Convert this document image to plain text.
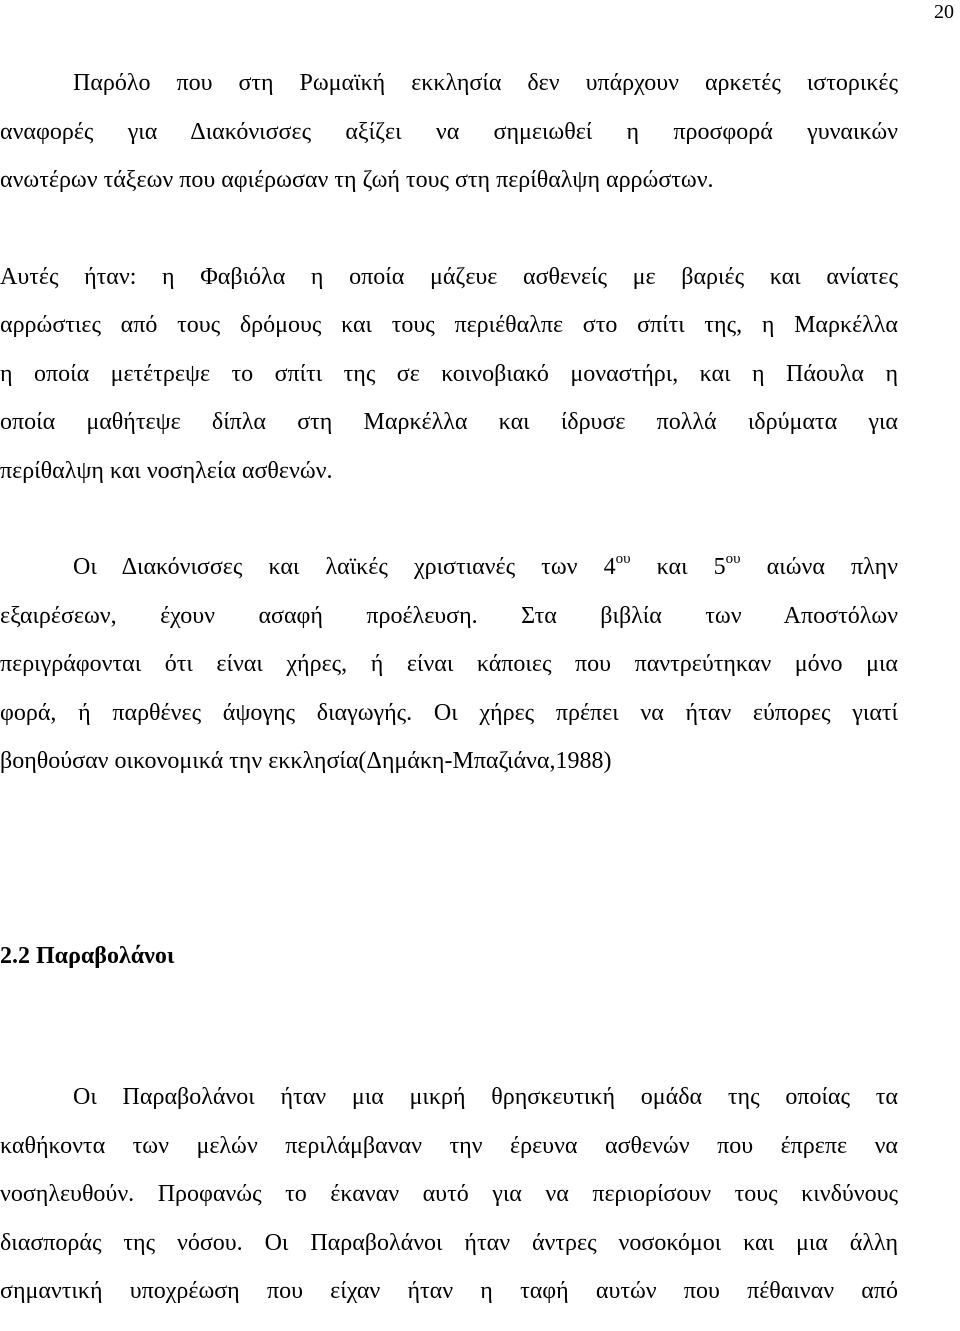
20
Παρόλο που στη Ρωμαϊκή εκκλησία δεν υπάρχουν αρκετές ιστορικές
αναφορές για Διακόνισσες αξίζει να σημειωθεί η προσφορά γυναικών
ανωτέρων τάξεων που αφιέρωσαν τη ζωή τους στη περίθαλψη αρρώστων.
Αυτές ήταν: η Φαβιόλα η οποία μάζευε ασθενείς με βαριές και ανίατες
αρρώστιες από τους δρόμους και τους περιέθαλπε στο σπίτι της, η Μαρκέλλα
η οποία μετέτρεψε το σπίτι της σε κοινοβιακό μοναστήρι, και η Πάουλα η
οποία μαθήτεψε δίπλα στη Μαρκέλλα και ίδρυσε πολλά ιδρύματα για
περίθαλψη και νοσηλεία ασθενών.
Οι Διακόνισσες και λαϊκές χριστιανές των $4^{o\upsilon}$ και $5^{o\upsilon}$ αιώνα πλην
εξαιρέσεων, έχουν ασαφή προέλευση. Στα βιβλία των Αποστόλων
περιγράφονται ότι είναι χήρες, ή είναι κάποιες που παντρεύτηκαν μόνο μια
φορά, ή παρθένες άψογης διαγωγής. Οι χήρες πρέπει να ήταν εύπορες γιατί
βοηθούσαν οικονομικά την εκκλησία(Δημάκη-Μπαζιάνα,1988)
2.2 Παραβολάνοι
Οι Παραβολάνοι ήταν μια μικρή θρησκευτική ομάδα της οποίας τα
καθήκοντα των μελών περιλάμβαναν την έρευνα ασθενών που έπρεπε να
νοσηλευθούν. Προφανώς το έκαναν αυτό για να περιορίσουν τους κινδύνους
διασποράς της νόσου. Οι Παραβολάνοι ήταν άντρες νοσοκόμοι και μια άλλη
σημαντική υποχρέωση που είχαν ήταν η ταφή αυτών που πέθαιναν από
